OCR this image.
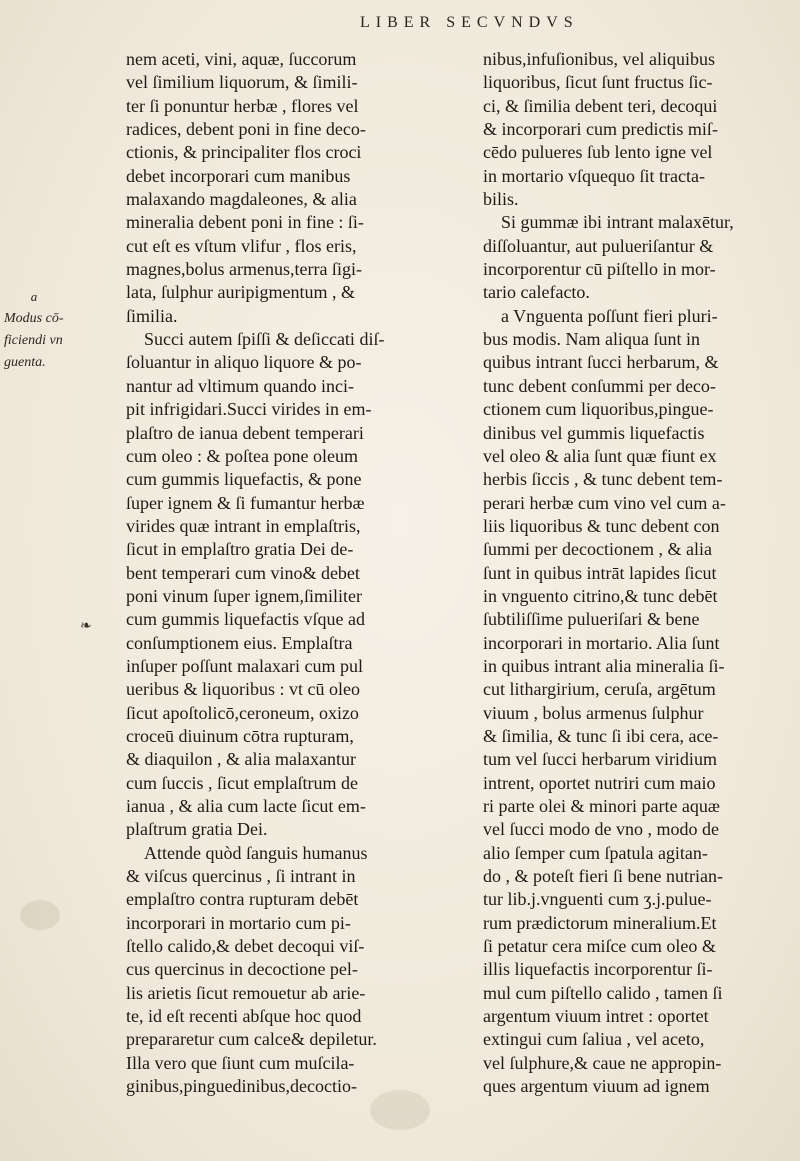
LIBER SECVNDVS
a
Modus cō-
ficiendi vn
guenta.
❧
nem aceti, vini, aquæ, ſuccorum
vel ſimilium liquorum, & ſimili-
ter ſi ponuntur herbæ , flores vel
radices, debent poni in fine deco-
ctionis, & principaliter flos croci
debet incorporari cum manibus
malaxando magdaleones, & alia
mineralia debent poni in fine : ſi-
cut eſt es vſtum vlifur , flos eris,
magnes,bolus armenus,terra ſigi-
lata, ſulphur auripigmentum , &
ſimilia.
Succi autem ſpiſſi & deſiccati diſ-
ſoluantur in aliquo liquore & po-
nantur ad vltimum quando inci-
pit infrigidari.Succi virides in em-
plaſtro de ianua debent temperari
cum oleo : & poſtea pone oleum
cum gummis liquefactis, & pone
ſuper ignem & ſi fumantur herbæ
virides quæ intrant in emplaſtris,
ſicut in emplaſtro gratia Dei de-
bent temperari cum vino& debet
poni vinum ſuper ignem,ſimiliter
cum gummis liquefactis vſque ad
conſumptionem eius. Emplaſtra
inſuper poſſunt malaxari cum pul
ueribus & liquoribus : vt cū oleo
ſicut apoſtolicō,ceroneum, oxizo
croceū diuinum cōtra rupturam,
& diaquilon , & alia malaxantur
cum ſuccis , ſicut emplaſtrum de
ianua , & alia cum lacte ſicut em-
plaſtrum gratia Dei.
Attende quòd ſanguis humanus
& viſcus quercinus , ſi intrant in
emplaſtro contra rupturam debēt
incorporari in mortario cum pi-
ſtello calido,& debet decoqui viſ-
cus quercinus in decoctione pel-
lis arietis ſicut remouetur ab arie-
te, id eſt recenti abſque hoc quod
prepararetur cum calce& depiletur.
Illa vero que ſiunt cum muſcila-
ginibus,pinguedinibus,decoctio-
nibus,infuſionibus, vel aliquibus
liquoribus, ſicut ſunt fructus ſic-
ci, & ſimilia debent teri, decoqui
& incorporari cum predictis miſ-
cēdo pulueres ſub lento igne vel
in mortario vſquequo ſit tracta-
bilis.
Si gummæ ibi intrant malaxētur,
diſſoluantur, aut pulueriſantur &
incorporentur cū piſtello in mor-
tario calefacto.
a Vnguenta poſſunt fieri pluri-
bus modis. Nam aliqua ſunt in
quibus intrant ſucci herbarum, &
tunc debent conſummi per deco-
ctionem cum liquoribus,pingue-
dinibus vel gummis liquefactis
vel oleo & alia ſunt quæ fiunt ex
herbis ſiccis , & tunc debent tem-
perari herbæ cum vino vel cum a-
liis liquoribus & tunc debent con
ſummi per decoctionem , & alia
ſunt in quibus intrāt lapides ſicut
in vnguento citrino,& tunc debēt
ſubtiliſſime pulueriſari & bene
incorporari in mortario. Alia ſunt
in quibus intrant alia mineralia ſi-
cut lithargirium, ceruſa, argētum
viuum , bolus armenus ſulphur
& ſimilia, & tunc ſi ibi cera, ace-
tum vel ſucci herbarum viridium
intrent, oportet nutriri cum maio
ri parte olei & minori parte aquæ
vel ſucci modo de vno , modo de
alio ſemper cum ſpatula agitan-
do , & poteſt fieri ſi bene nutrian-
tur lib.j.vnguenti cum ʒ.j.pulue-
rum prædictorum mineralium.Et
ſi petatur cera miſce cum oleo &
illis liquefactis incorporentur ſi-
mul cum piſtello calido , tamen ſi
argentum viuum intret : oportet
extingui cum ſaliua , vel aceto,
vel ſulphure,& caue ne appropin-
ques argentum viuum ad ignem
